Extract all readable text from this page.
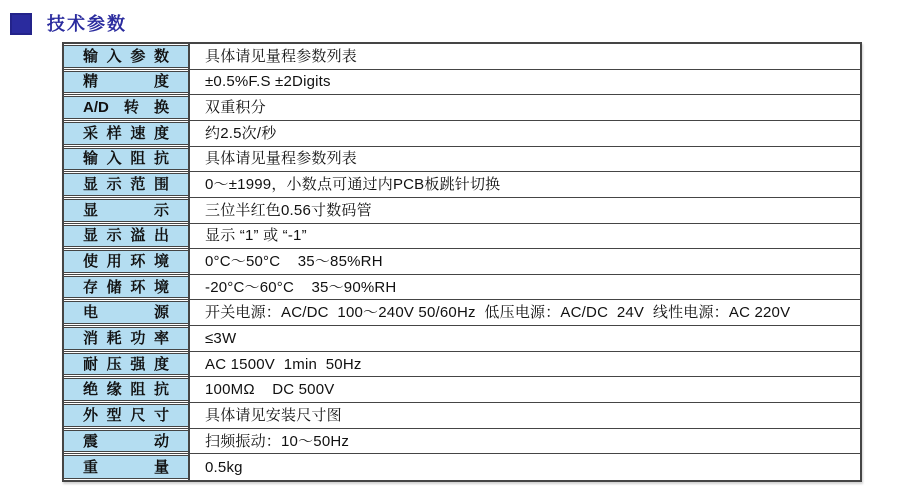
技术参数
输入参数 具体请见量程参数列表
精　　度 ±0.5%F.S ±2Digits
A/D转换 双重积分
采样速度 约2.5次/秒
输入阻抗 具体请见量程参数列表
显示范围 0～±1999，小数点可通过内PCB板跳针切换
显　　示 三位半红色0.56寸数码管
显示溢出 显示 “1” 或 “-1”
使用环境 0°C～50°C    35～85%RH
存储环境 -20°C～60°C    35～90%RH
电　　源 开关电源：AC/DC  100～240V 50/60Hz  低压电源：AC/DC  24V  线性电源：AC 220V
消耗功率 ≤3W
耐压强度 AC 1500V  1min  50Hz
绝缘阻抗 100MΩ    DC 500V
外型尺寸 具体请见安装尺寸图
震　　动 扫频振动：10～50Hz
重　　量 0.5kg
